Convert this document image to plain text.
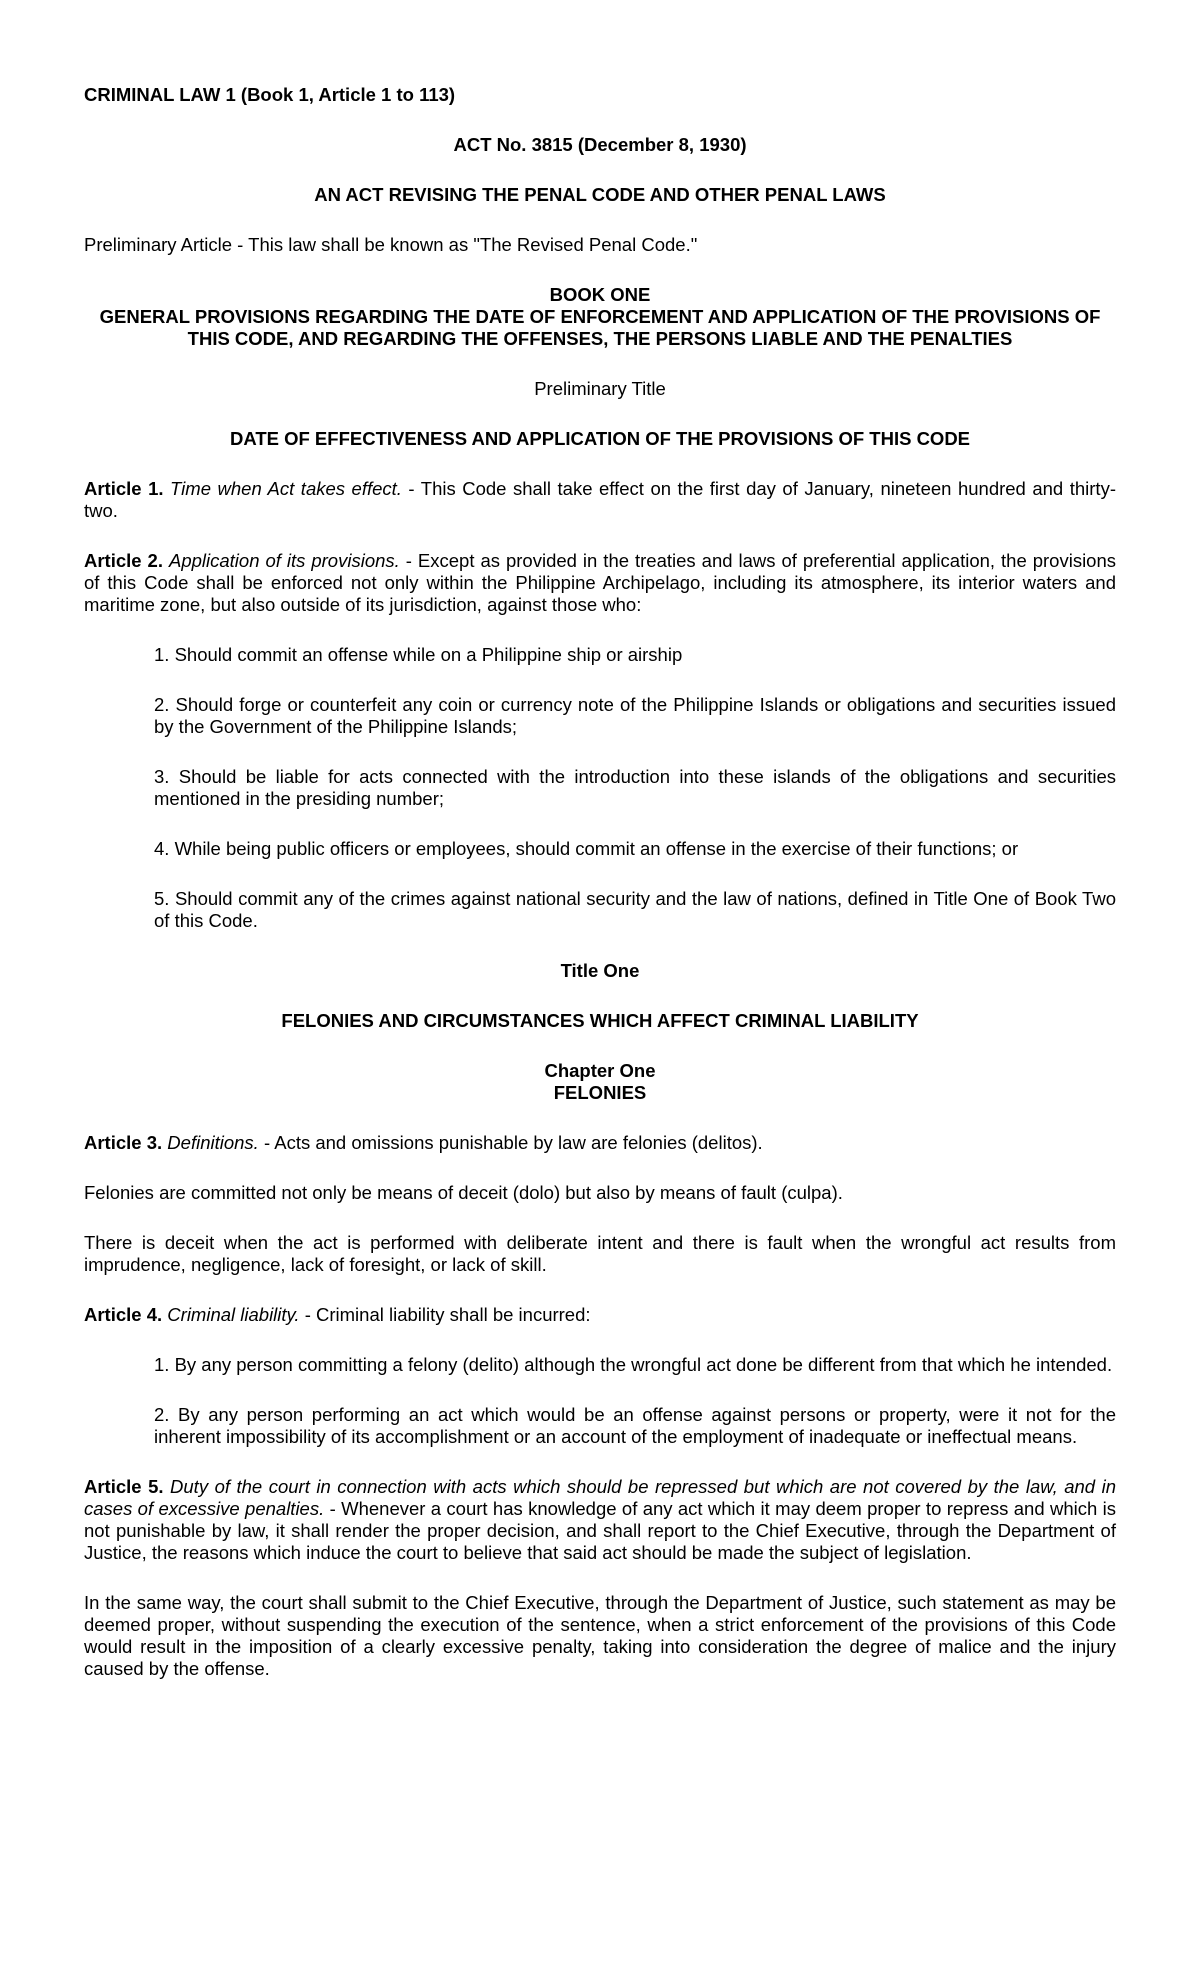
CRIMINAL LAW 1 (Book 1, Article 1 to 113)

ACT No. 3815 (December 8, 1930)

AN ACT REVISING THE PENAL CODE AND OTHER PENAL LAWS

Preliminary Article - This law shall be known as "The Revised Penal Code."

BOOK ONE

GENERAL PROVISIONS REGARDING THE DATE OF ENFORCEMENT AND APPLICATION OF THE PROVISIONS OF THIS CODE, AND REGARDING THE OFFENSES, THE PERSONS LIABLE AND THE PENALTIES

Preliminary Title

DATE OF EFFECTIVENESS AND APPLICATION OF THE PROVISIONS OF THIS CODE

Article 1. Time when Act takes effect. - This Code shall take effect on the first day of January, nineteen hundred and thirty-two.

Article 2. Application of its provisions. - Except as provided in the treaties and laws of preferential application, the provisions of this Code shall be enforced not only within the Philippine Archipelago, including its atmosphere, its interior waters and maritime zone, but also outside of its jurisdiction, against those who:

1. Should commit an offense while on a Philippine ship or airship

2. Should forge or counterfeit any coin or currency note of the Philippine Islands or obligations and securities issued by the Government of the Philippine Islands;

3. Should be liable for acts connected with the introduction into these islands of the obligations and securities mentioned in the presiding number;

4. While being public officers or employees, should commit an offense in the exercise of their functions; or

5. Should commit any of the crimes against national security and the law of nations, defined in Title One of Book Two of this Code.

Title One

FELONIES AND CIRCUMSTANCES WHICH AFFECT CRIMINAL LIABILITY

Chapter One

FELONIES

Article 3. Definitions. - Acts and omissions punishable by law are felonies (delitos).

Felonies are committed not only be means of deceit (dolo) but also by means of fault (culpa).

There is deceit when the act is performed with deliberate intent and there is fault when the wrongful act results from imprudence, negligence, lack of foresight, or lack of skill.

Article 4. Criminal liability. - Criminal liability shall be incurred:

1. By any person committing a felony (delito) although the wrongful act done be different from that which he intended.

2. By any person performing an act which would be an offense against persons or property, were it not for the inherent impossibility of its accomplishment or an account of the employment of inadequate or ineffectual means.

Article 5. Duty of the court in connection with acts which should be repressed but which are not covered by the law, and in cases of excessive penalties. - Whenever a court has knowledge of any act which it may deem proper to repress and which is not punishable by law, it shall render the proper decision, and shall report to the Chief Executive, through the Department of Justice, the reasons which induce the court to believe that said act should be made the subject of legislation.

In the same way, the court shall submit to the Chief Executive, through the Department of Justice, such statement as may be deemed proper, without suspending the execution of the sentence, when a strict enforcement of the provisions of this Code would result in the imposition of a clearly excessive penalty, taking into consideration the degree of malice and the injury caused by the offense.
